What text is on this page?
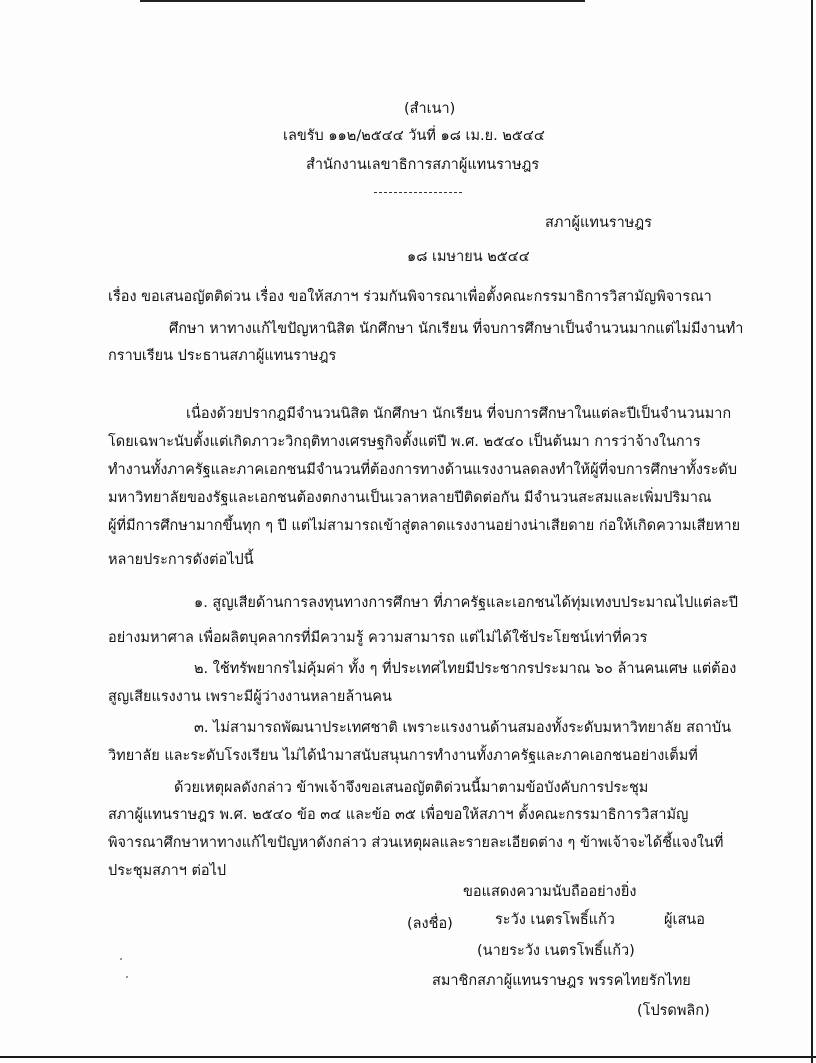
(สำเนา)
เลขรับ ๑๑๒/๒๕๔๔ วันที่ ๑๘ เม.ย. ๒๕๔๔
สำนักงานเลขาธิการสภาผู้แทนราษฎร
สภาผู้แทนราษฎร
๑๘ เมษายน ๒๕๔๔
เรื่อง ขอเสนอญัตติด่วน เรื่อง ขอให้สภาฯ ร่วมกันพิจารณาเพื่อตั้งคณะกรรมาธิการวิสามัญพิจารณา
ศึกษา หาทางแก้ไขปัญหานิสิต นักศึกษา นักเรียน ที่จบการศึกษาเป็นจำนวนมากแต่ไม่มีงานทำ
กราบเรียน ประธานสภาผู้แทนราษฎร
เนื่องด้วยปรากฎมีจำนวนนิสิต นักศึกษา นักเรียน ที่จบการศึกษาในแต่ละปีเป็นจำนวนมาก
โดยเฉพาะนับตั้งแต่เกิดภาวะวิกฤติทางเศรษฐกิจตั้งแต่ปี พ.ศ. ๒๕๔๐ เป็นต้นมา การว่าจ้างในการ
ทำงานทั้งภาครัฐและภาคเอกชนมีจำนวนที่ต้องการทางด้านแรงงานลดลงทำให้ผู้ที่จบการศึกษาทั้งระดับ
มหาวิทยาลัยของรัฐและเอกชนต้องตกงานเป็นเวลาหลายปีติดต่อกัน มีจำนวนสะสมและเพิ่มปริมาณ
ผู้ที่มีการศึกษามากขึ้นทุก ๆ ปี แต่ไม่สามารถเข้าสู่ตลาดแรงงานอย่างน่าเสียดาย ก่อให้เกิดความเสียหาย
หลายประการดังต่อไปนี้
๑. สูญเสียด้านการลงทุนทางการศึกษา ที่ภาครัฐและเอกชนได้ทุ่มเทงบประมาณไปแต่ละปี
อย่างมหาศาล เพื่อผลิตบุคลากรที่มีความรู้ ความสามารถ แต่ไม่ได้ใช้ประโยชน์เท่าที่ควร
๒. ใช้ทรัพยากรไม่คุ้มค่า ทั้ง ๆ ที่ประเทศไทยมีประชากรประมาณ ๖๐ ล้านคนเศษ แต่ต้อง
สูญเสียแรงงาน เพราะมีผู้ว่างงานหลายล้านคน
๓. ไม่สามารถพัฒนาประเทศชาติ เพราะแรงงานด้านสมองทั้งระดับมหาวิทยาลัย สถาบัน
วิทยาลัย และระดับโรงเรียน ไม่ได้นำมาสนับสนุนการทำงานทั้งภาครัฐและภาคเอกชนอย่างเต็มที่
ด้วยเหตุผลดังกล่าว ข้าพเจ้าจึงขอเสนอญัตติด่วนนี้มาตามข้อบังคับการประชุม
สภาผู้แทนราษฎร พ.ศ. ๒๕๔๐ ข้อ ๓๔ และข้อ ๓๕ เพื่อขอให้สภาฯ ตั้งคณะกรรมาธิการวิสามัญ
พิจารณาศึกษาหาทางแก้ไขปัญหาดังกล่าว ส่วนเหตุผลและรายละเอียดต่าง ๆ ข้าพเจ้าจะได้ชี้แจงในที่
ประชุมสภาฯ ต่อไป
ขอแสดงความนับถืออย่างยิ่ง
(ลงชื่อ)	ระวัง เนตรโพธิ์แก้ว	ผู้เสนอ
(นายระวัง เนตรโพธิ์แก้ว)
สมาชิกสภาผู้แทนราษฎร พรรคไทยรักไทย
(โปรดพลิก)
